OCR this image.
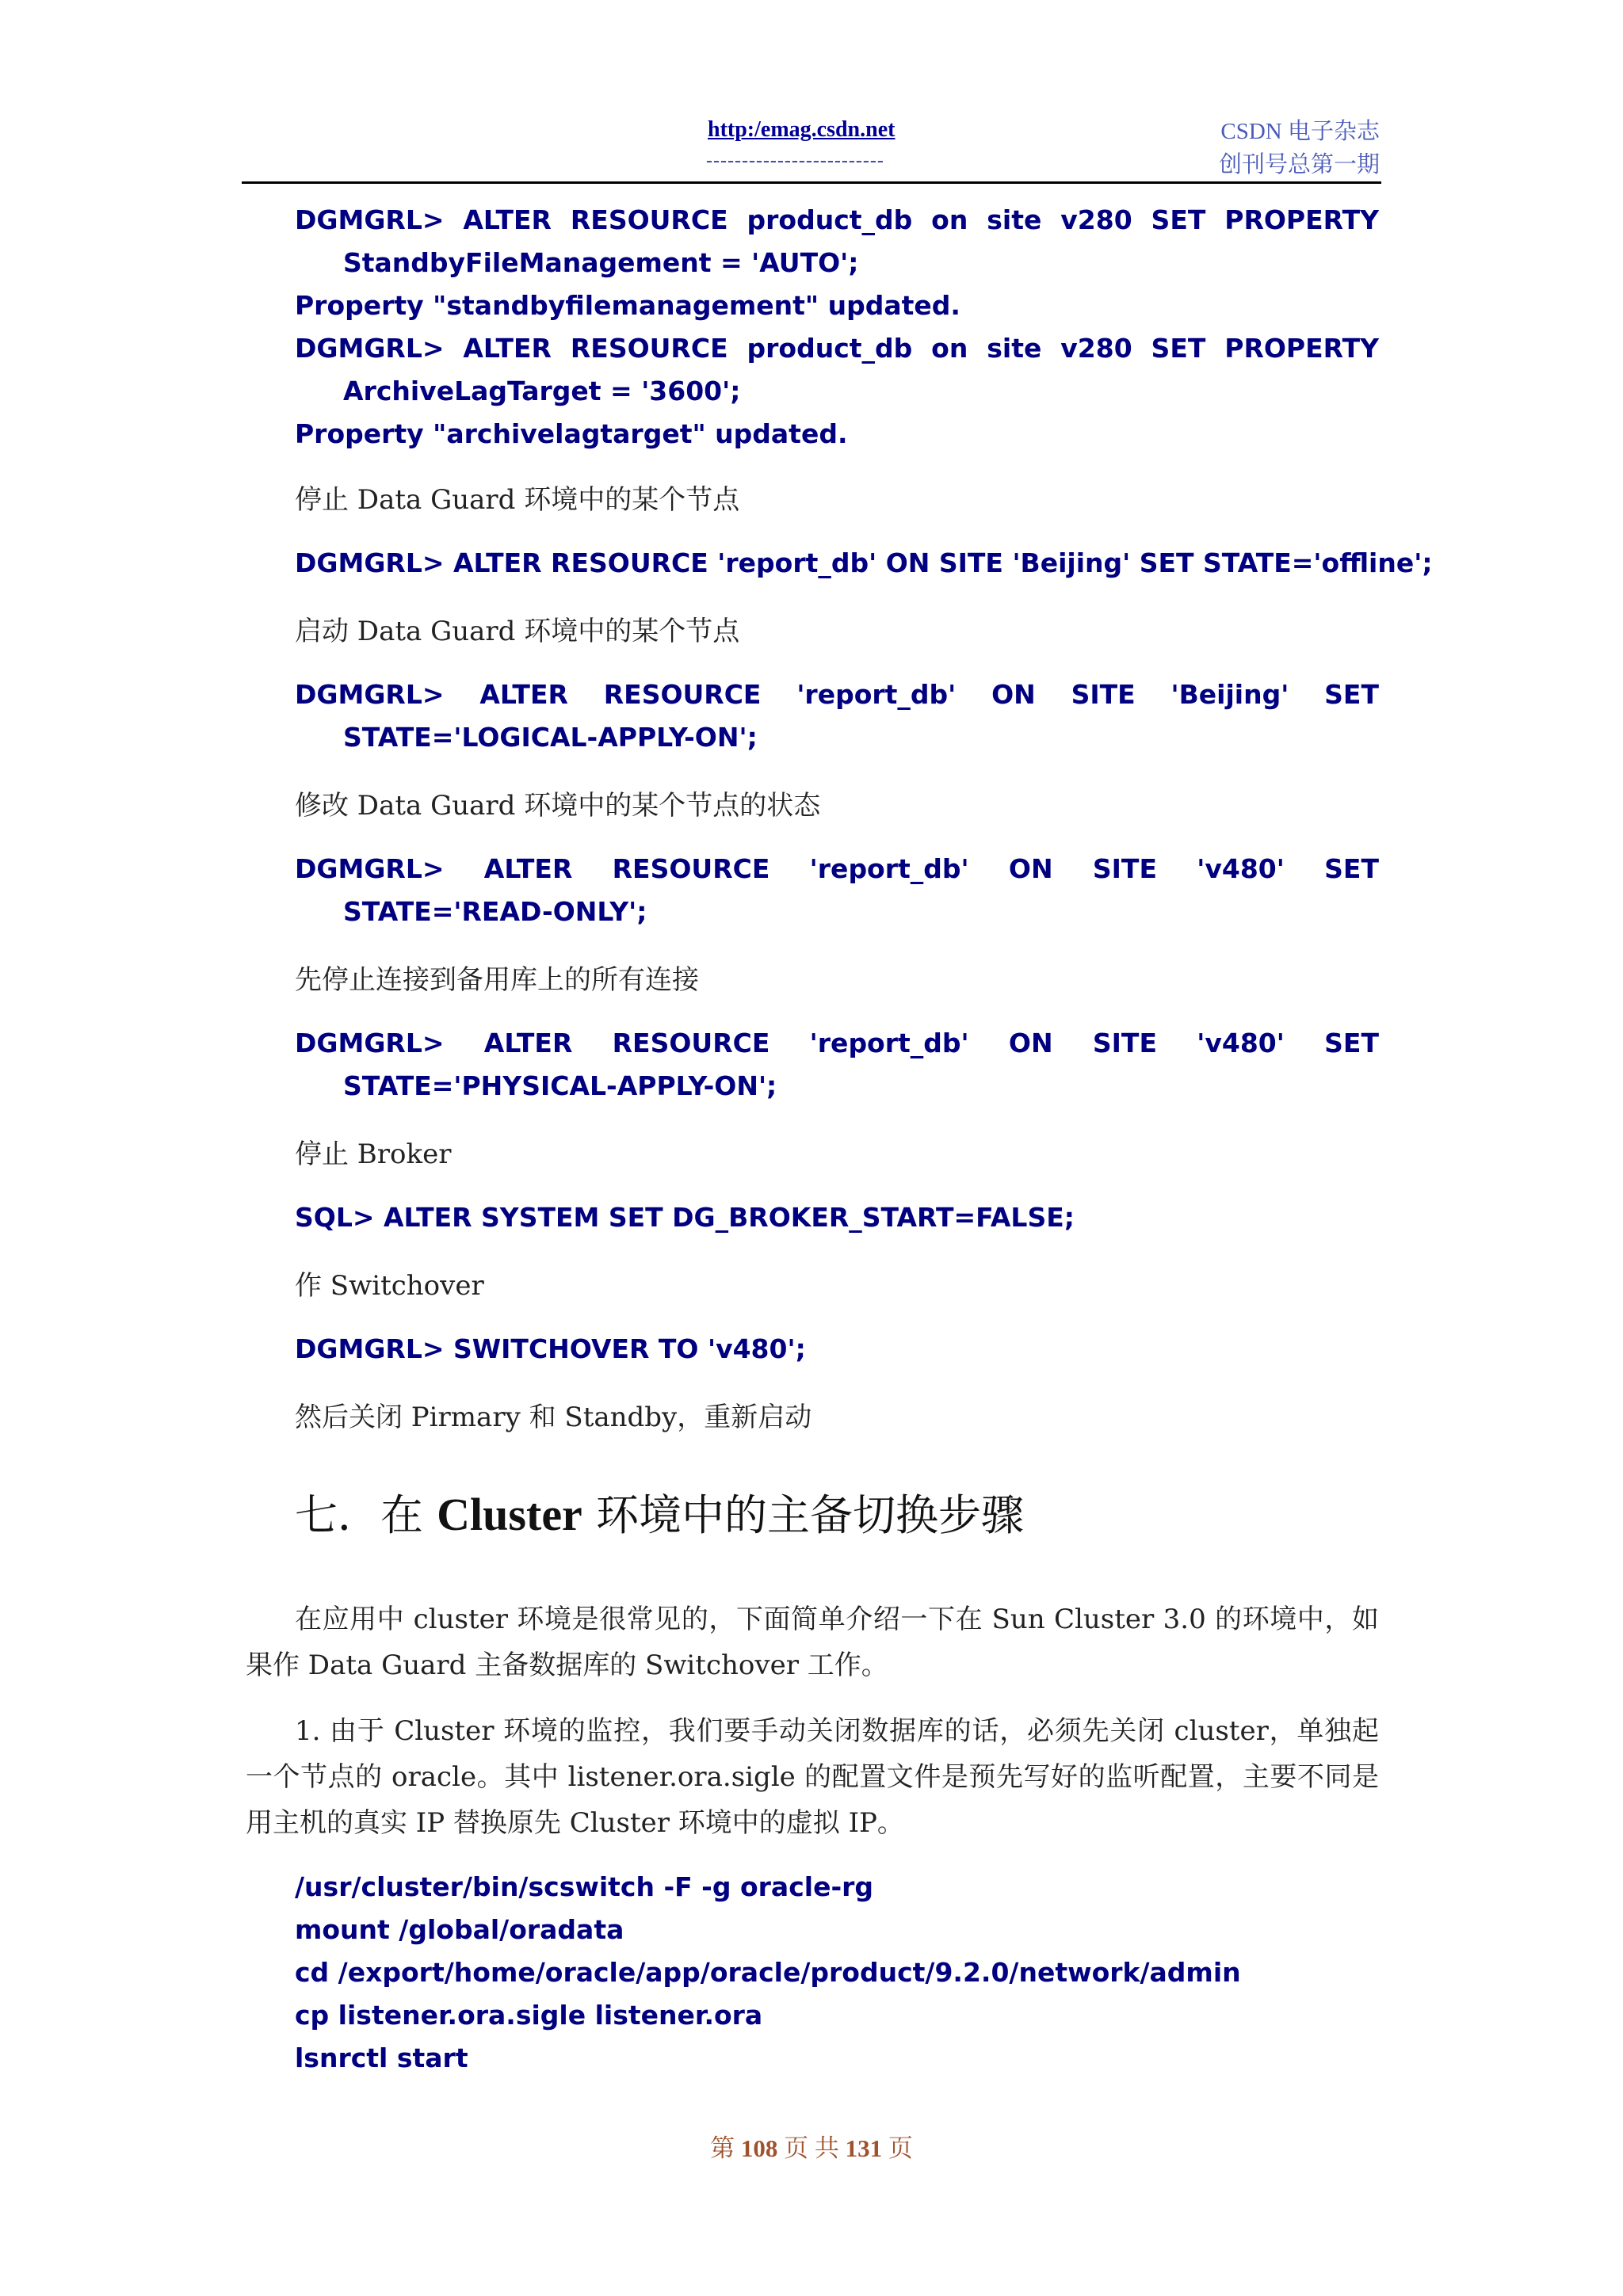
http:/emag.csdn.net
-------------------------
CSDN 电子杂志
创刊号总第一期
DGMGRL> ALTER RESOURCE product_db on site v280 SET PROPERTY
StandbyFileManagement = 'AUTO';
Property "standbyfilemanagement" updated.
DGMGRL> ALTER RESOURCE product_db on site v280 SET PROPERTY
ArchiveLagTarget = '3600';
Property "archivelagtarget" updated.
停止 Data Guard 环境中的某个节点
DGMGRL> ALTER RESOURCE 'report_db' ON SITE 'Beijing' SET STATE='offline';
启动 Data Guard 环境中的某个节点
DGMGRL> ALTER RESOURCE 'report_db' ON SITE 'Beijing' SET
STATE='LOGICAL-APPLY-ON';
修改 Data Guard 环境中的某个节点的状态
DGMGRL> ALTER RESOURCE 'report_db' ON SITE 'v480' SET
STATE='READ-ONLY';
先停止连接到备用库上的所有连接
DGMGRL> ALTER RESOURCE 'report_db' ON SITE 'v480' SET
STATE='PHYSICAL-APPLY-ON';
停止 Broker
SQL> ALTER SYSTEM SET DG_BROKER_START=FALSE;
作 Switchover
DGMGRL> SWITCHOVER TO 'v480';
然后关闭 Pirmary 和 Standby，重新启动
七．在 Cluster 环境中的主备切换步骤
在应用中 cluster 环境是很常见的，下面简单介绍一下在 Sun Cluster 3.0 的环境中，如果作 Data Guard 主备数据库的 Switchover 工作。
1. 由于 Cluster 环境的监控，我们要手动关闭数据库的话，必须先关闭 cluster，单独起一个节点的 oracle。其中 listener.ora.sigle 的配置文件是预先写好的监听配置，主要不同是用主机的真实 IP 替换原先 Cluster 环境中的虚拟 IP。
/usr/cluster/bin/scswitch -F -g oracle-rg
mount /global/oradata
cd /export/home/oracle/app/oracle/product/9.2.0/network/admin
cp listener.ora.sigle listener.ora
lsnrctl start
第 108 页 共 131 页
